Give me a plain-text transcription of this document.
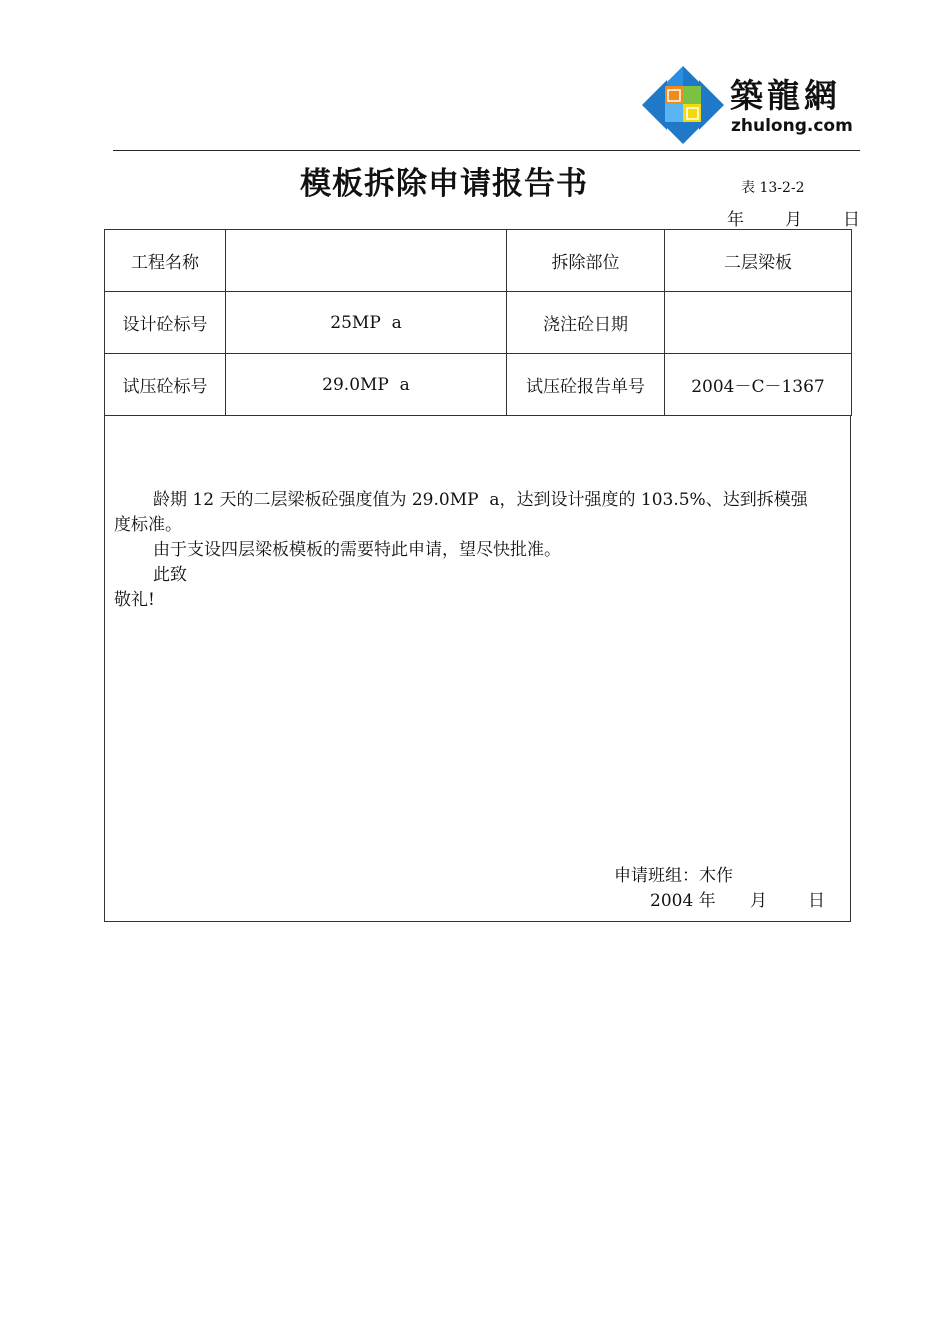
築龍網
zhulong.com
模板拆除申请报告书	表 13-2-2
年 月 日
工程名称		拆除部位	二层梁板
设计砼标号	25MP  a	浇注砼日期	
试压砼标号	29.0MP  a	试压砼报告单号	2004－C－1367
龄期 12 天的二层梁板砼强度值为 29.0MP  a，达到设计强度的 103.5%、达到拆模强
度标准。
由于支设四层梁板模板的需要特此申请，望尽快批准。
此致
敬礼!
申请班组：木作
2004 年 月 日
